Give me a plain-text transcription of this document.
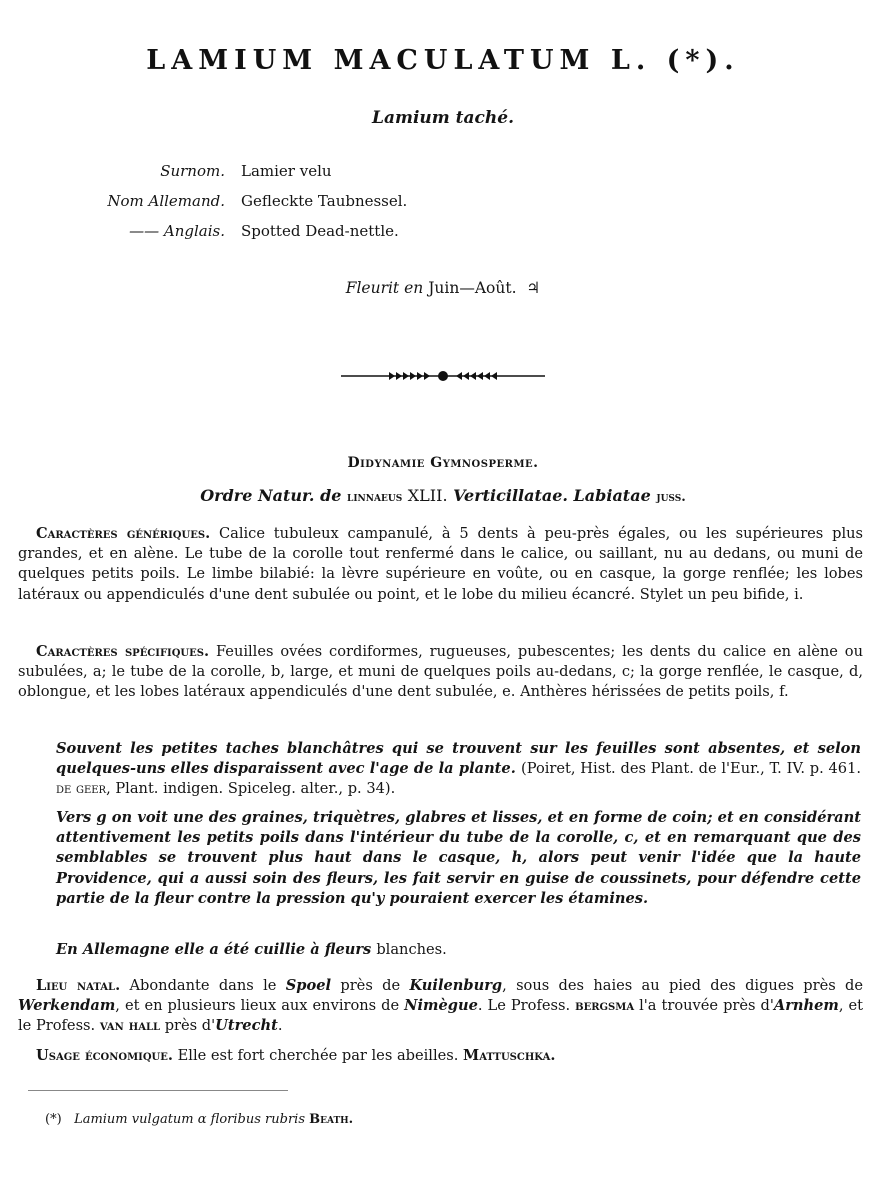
LAMIUM MACULATUM L. (*).
Lamium taché.
Surnom.	Lamier velu
Nom Allemand.	Gefleckte Taubnessel.
—— Anglais.	Spotted Dead-nettle.
Fleurit en Juin—Août. ♃
Didynamie Gymnosperme.
Ordre Natur. de linnaeus XLII. Verticillatae. Labiatae juss.
Caractères génériques. Calice tubuleux campanulé, à 5 dents à peu-près égales, ou les supérieures plus grandes, et en alène. Le tube de la corolle tout renfermé dans le calice, ou saillant, nu au dedans, ou muni de quelques petits poils. Le limbe bilabié: la lèvre supérieure en voûte, ou en casque, la gorge renflée; les lobes latéraux ou appendiculés d'une dent subulée ou point, et le lobe du milieu écancré. Stylet un peu bifide, i.
Caractères spécifiques. Feuilles ovées cordiformes, rugueuses, pubescentes; les dents du calice en alène ou subulées, a; le tube de la corolle, b, large, et muni de quelques poils au-dedans, c; la gorge renflée, le casque, d, oblongue, et les lobes latéraux appendiculés d'une dent subulée, e. Anthères hérissées de petits poils, f.
Souvent les petites taches blanchâtres qui se trouvent sur les feuilles sont absentes, et selon quelques-uns elles disparaissent avec l'age de la plante. (Poiret, Hist. des Plant. de l'Eur., T. IV. p. 461. de geer, Plant. indigen. Spiceleg. alter., p. 34).
Vers g on voit une des graines, triquètres, glabres et lisses, et en forme de coin; et en considérant attentivement les petits poils dans l'intérieur du tube de la corolle, c, et en remarquant que des semblables se trouvent plus haut dans le casque, h, alors peut venir l'idée que la haute Providence, qui a aussi soin des fleurs, les fait servir en guise de coussinets, pour défendre cette partie de la fleur contre la pression qu'y pouraient exercer les étamines.
En Allemagne elle a été cuillie à fleurs blanches.
Lieu natal. Abondante dans le Spoel près de Kuilenburg, sous des haies au pied des digues près de Werkendam, et en plusieurs lieux aux environs de Nimègue. Le Profess. bergsma l'a trouvée près d'Arnhem, et le Profess. van hall près d'Utrecht.
Usage économique. Elle est fort cherchée par les abeilles. Mattuschka.
(*) Lamium vulgatum α floribus rubris Beath.
